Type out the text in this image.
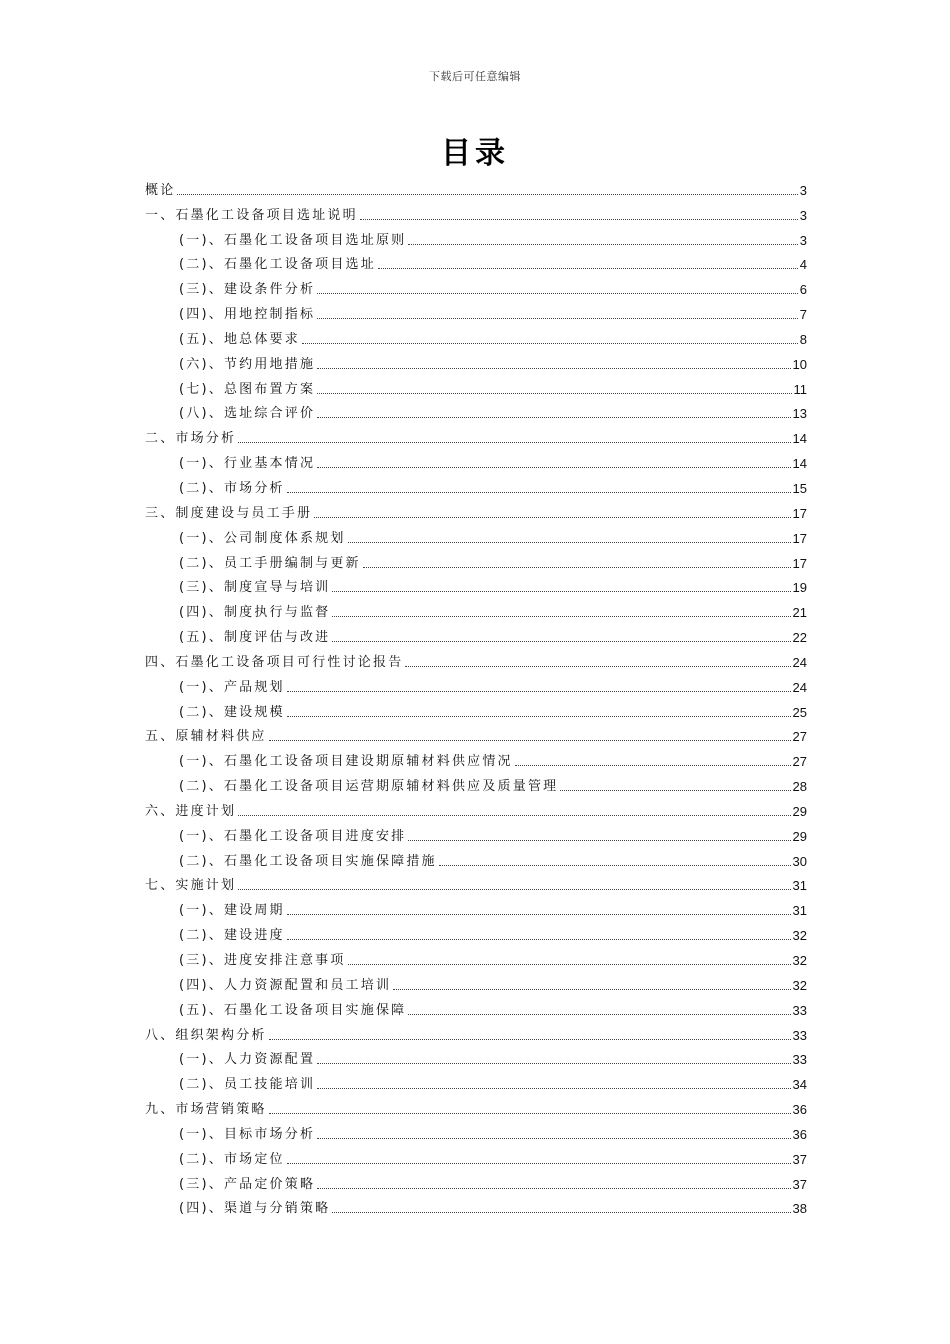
下载后可任意编辑
目录
概论	3
一、石墨化工设备项目选址说明	3
(一)、石墨化工设备项目选址原则	3
(二)、石墨化工设备项目选址	4
(三)、建设条件分析	6
(四)、用地控制指标	7
(五)、地总体要求	8
(六)、节约用地措施	10
(七)、总图布置方案	11
(八)、选址综合评价	13
二、市场分析	14
(一)、行业基本情况	14
(二)、市场分析	15
三、制度建设与员工手册	17
(一)、公司制度体系规划	17
(二)、员工手册编制与更新	17
(三)、制度宣导与培训	19
(四)、制度执行与监督	21
(五)、制度评估与改进	22
四、石墨化工设备项目可行性讨论报告	24
(一)、产品规划	24
(二)、建设规模	25
五、原辅材料供应	27
(一)、石墨化工设备项目建设期原辅材料供应情况	27
(二)、石墨化工设备项目运营期原辅材料供应及质量管理	28
六、进度计划	29
(一)、石墨化工设备项目进度安排	29
(二)、石墨化工设备项目实施保障措施	30
七、实施计划	31
(一)、建设周期	31
(二)、建设进度	32
(三)、进度安排注意事项	32
(四)、人力资源配置和员工培训	32
(五)、石墨化工设备项目实施保障	33
八、组织架构分析	33
(一)、人力资源配置	33
(二)、员工技能培训	34
九、市场营销策略	36
(一)、目标市场分析	36
(二)、市场定位	37
(三)、产品定价策略	37
(四)、渠道与分销策略	38
